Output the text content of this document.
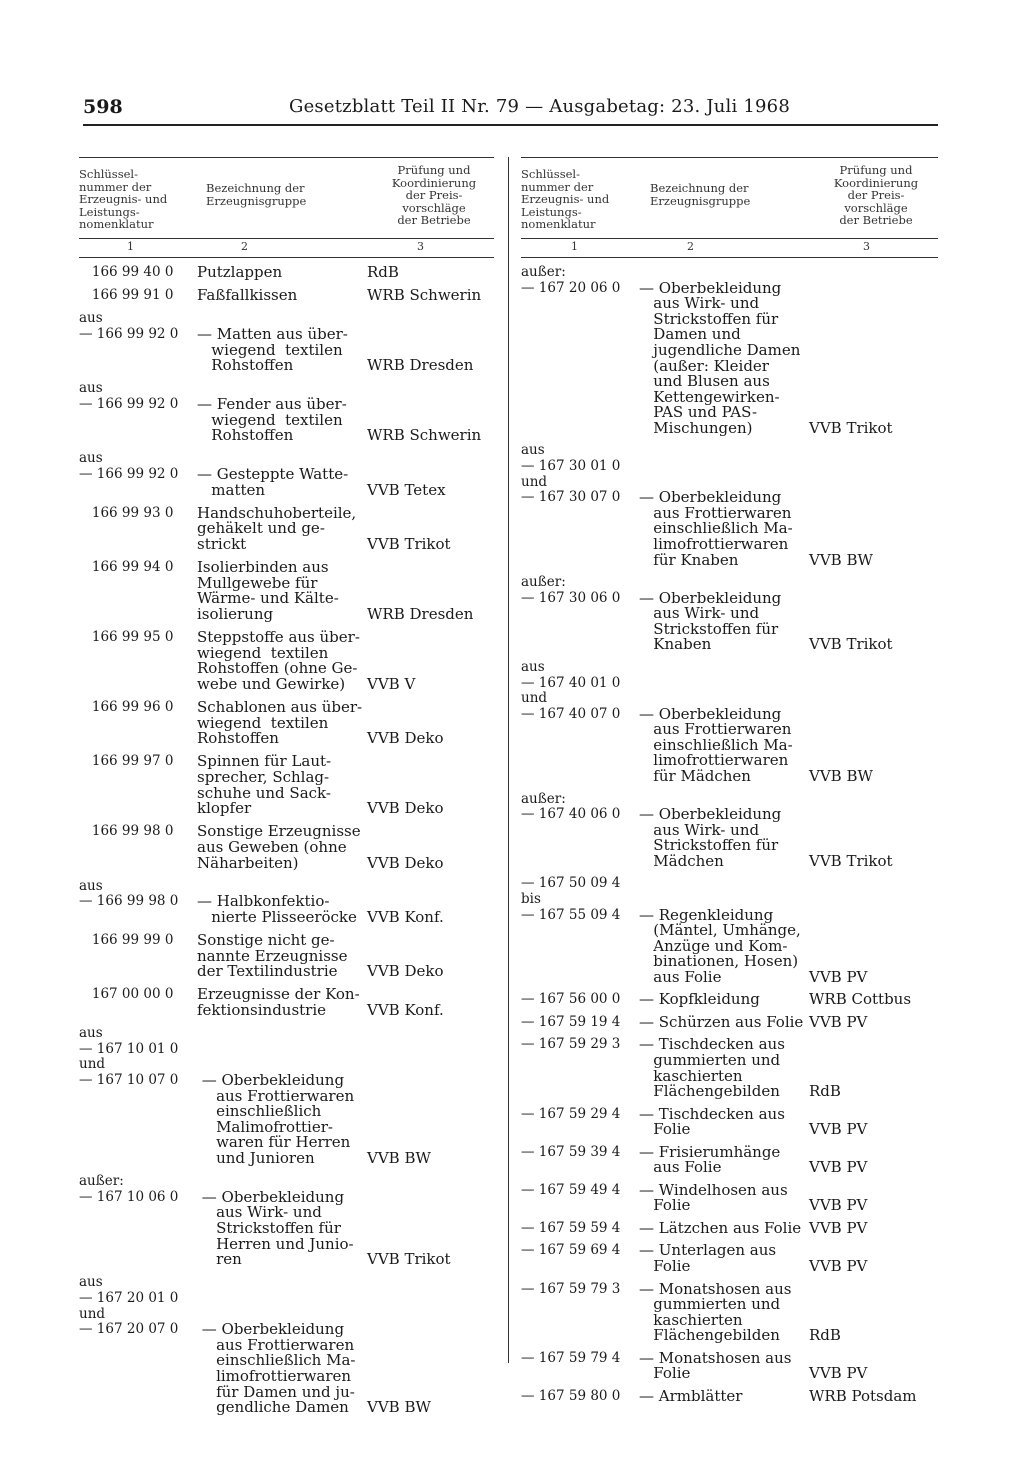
598	Gesetzblatt Teil II Nr. 79 — Ausgabetag: 23. Juli 1968
Schlüssel-
nummer der
Erzeugnis- und
Leistungs-
nomenklatur
Bezeichnung der
Erzeugnisgruppe
Prüfung und
Koordinierung
der Preis-
vorschläge
der Betriebe
1	2	3
166 99 40 0	Putzlappen	RdB
166 99 91 0	Faßfallkissen	WRB Schwerin
aus
— 166 99 92 0	
— Matten aus über-
wiegend  textilen
Rohstoffen	WRB Dresden
aus
— 166 99 92 0	
— Fender aus über-
wiegend  textilen
Rohstoffen	WRB Schwerin
aus
— 166 99 92 0	
— Gesteppte Watte-
matten	VVB Tetex
166 99 93 0	Handschuhoberteile,
gehäkelt und ge-
strickt	VVB Trikot
166 99 94 0	Isolierbinden aus
Mullgewebe für
Wärme- und Kälte-
isolierung	WRB Dresden
166 99 95 0	Steppstoffe aus über-
wiegend  textilen
Rohstoffen (ohne Ge-
webe und Gewirke)	VVB V
166 99 96 0	Schablonen aus über-
wiegend  textilen
Rohstoffen	VVB Deko
166 99 97 0	Spinnen für Laut-
sprecher, Schlag-
schuhe und Sack-
klopfer	VVB Deko
166 99 98 0	Sonstige Erzeugnisse
aus Geweben (ohne
Näharbeiten)	VVB Deko
aus
— 166 99 98 0	
— Halbkonfektio-
nierte Plisseeröcke VVB Konf.
166 99 99 0	Sonstige nicht ge-
nannte Erzeugnisse
der Textilindustrie	VVB Deko
167 00 00 0	Erzeugnisse der Kon-
fektionsindustrie	VVB Konf.
aus
— 167 10 01 0
und
— 167 10 07 0	

— Oberbekleidung
aus Frottierwaren
einschließlich
Malimofrottier-
waren für Herren
und Junioren	VVB BW
außer:
— 167 10 06 0	
— Oberbekleidung
aus Wirk- und
Strickstoffen für
Herren und Junio-
ren	VVB Trikot
aus
— 167 20 01 0
und
— 167 20 07 0	

— Oberbekleidung
aus Frottierwaren
einschließlich Ma-
limofrottierwaren
für Damen und ju-
gendliche Damen	VVB BW
Schlüssel-
nummer der
Erzeugnis- und
Leistungs-
nomenklatur
Bezeichnung der
Erzeugnisgruppe
Prüfung und
Koordinierung
der Preis-
vorschläge
der Betriebe
1	2	3
außer:
— 167 20 06 0	
— Oberbekleidung
aus Wirk- und
Strickstoffen für
Damen und
jugendliche Damen
(außer: Kleider
und Blusen aus
Kettengewirken-
PAS und PAS-
Mischungen)	VVB Trikot
aus
— 167 30 01 0
und
— 167 30 07 0	

— Oberbekleidung
aus Frottierwaren
einschließlich Ma-
limofrottierwaren
für Knaben	VVB BW
außer:
— 167 30 06 0	
— Oberbekleidung
aus Wirk- und
Strickstoffen für
Knaben	VVB Trikot
aus
— 167 40 01 0
und
— 167 40 07 0	

— Oberbekleidung
aus Frottierwaren
einschließlich Ma-
limofrottierwaren
für Mädchen	VVB BW
außer:
— 167 40 06 0	
— Oberbekleidung
aus Wirk- und
Strickstoffen für
Mädchen	VVB Trikot
— 167 50 09 4
bis
— 167 55 09 4	

— Regenkleidung
(Mäntel, Umhänge,
Anzüge und Kom-
binationen, Hosen)
aus Folie	VVB PV
— 167 56 00 0	— Kopfkleidung	WRB Cottbus
— 167 59 19 4	— Schürzen aus Folie VVB PV
— 167 59 29 3	— Tischdecken aus
gummierten und
kaschierten
Flächengebilden	RdB
— 167 59 29 4	— Tischdecken aus
Folie	VVB PV
— 167 59 39 4	— Frisierumhänge
aus Folie	VVB PV
— 167 59 49 4	— Windelhosen aus
Folie	VVB PV
— 167 59 59 4	— Lätzchen aus Folie VVB PV
— 167 59 69 4	— Unterlagen aus
Folie	VVB PV
— 167 59 79 3	— Monatshosen aus
gummierten und
kaschierten
Flächengebilden	RdB
— 167 59 79 4	— Monatshosen aus
Folie	VVB PV
— 167 59 80 0	— Armblätter	WRB Potsdam
